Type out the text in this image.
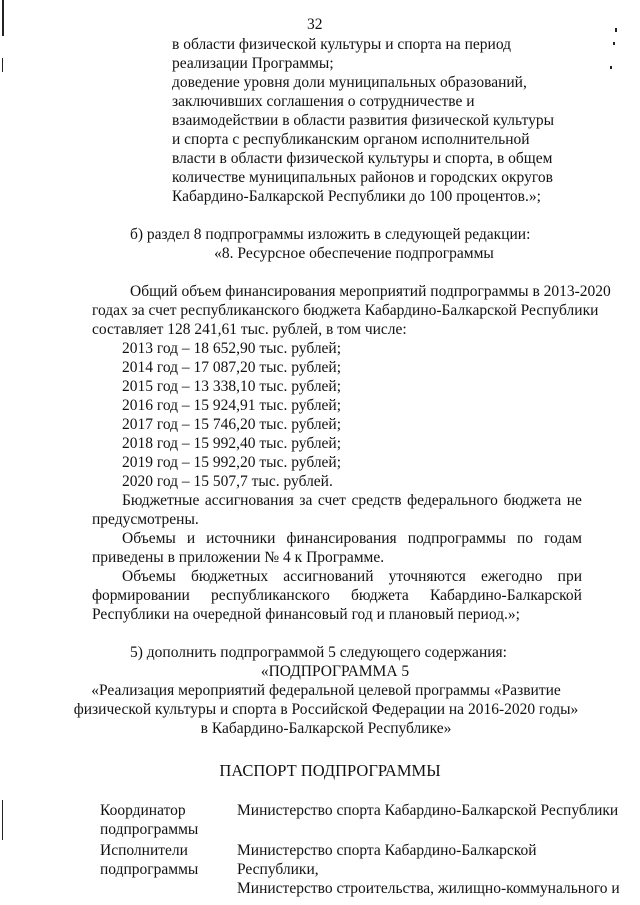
32
в области физической культуры и спорта на период
реализации Программы;
доведение уровня доли муниципальных образований,
заключивших соглашения о сотрудничестве и
взаимодействии в области развития физической культуры
и спорта с республиканским органом исполнительной
власти в области физической культуры и спорта, в общем
количестве муниципальных районов и городских округов
Кабардино-Балкарской Республики до 100 процентов.»;
б) раздел 8 подпрограммы изложить в следующей редакции:
«8. Ресурсное обеспечение подпрограммы
Общий объем финансирования мероприятий подпрограммы в 2013-2020
годах за счет республиканского бюджета Кабардино-Балкарской Республики
составляет 128 241,61 тыс. рублей, в том числе:
2013 год – 18 652,90 тыс. рублей;
2014 год – 17 087,20 тыс. рублей;
2015 год – 13 338,10 тыс. рублей;
2016 год – 15 924,91 тыс. рублей;
2017 год – 15 746,20 тыс. рублей;
2018 год – 15 992,40 тыс. рублей;
2019 год – 15 992,20 тыс. рублей;
2020 год – 15 507,7 тыс. рублей.
Бюджетные ассигнования за счет средств федерального бюджета не
предусмотрены.
Объемы и источники финансирования подпрограммы по годам
приведены в приложении № 4 к Программе.
Объемы бюджетных ассигнований уточняются ежегодно при
формировании республиканского бюджета Кабардино-Балкарской
Республики на очередной финансовый год и плановый период.»;
5) дополнить подпрограммой 5 следующего содержания:
«ПОДПРОГРАММА 5
«Реализация мероприятий федеральной целевой программы «Развитие
физической культуры и спорта в Российской Федерации на 2016-2020 годы»
в Кабардино-Балкарской Республике»
ПАСПОРТ ПОДПРОГРАММЫ
Координатор
подпрограммы
Министерство спорта Кабардино-Балкарской Республики
Исполнители
подпрограммы
Министерство спорта Кабардино-Балкарской
Республики,
Министерство строительства, жилищно-коммунального и
